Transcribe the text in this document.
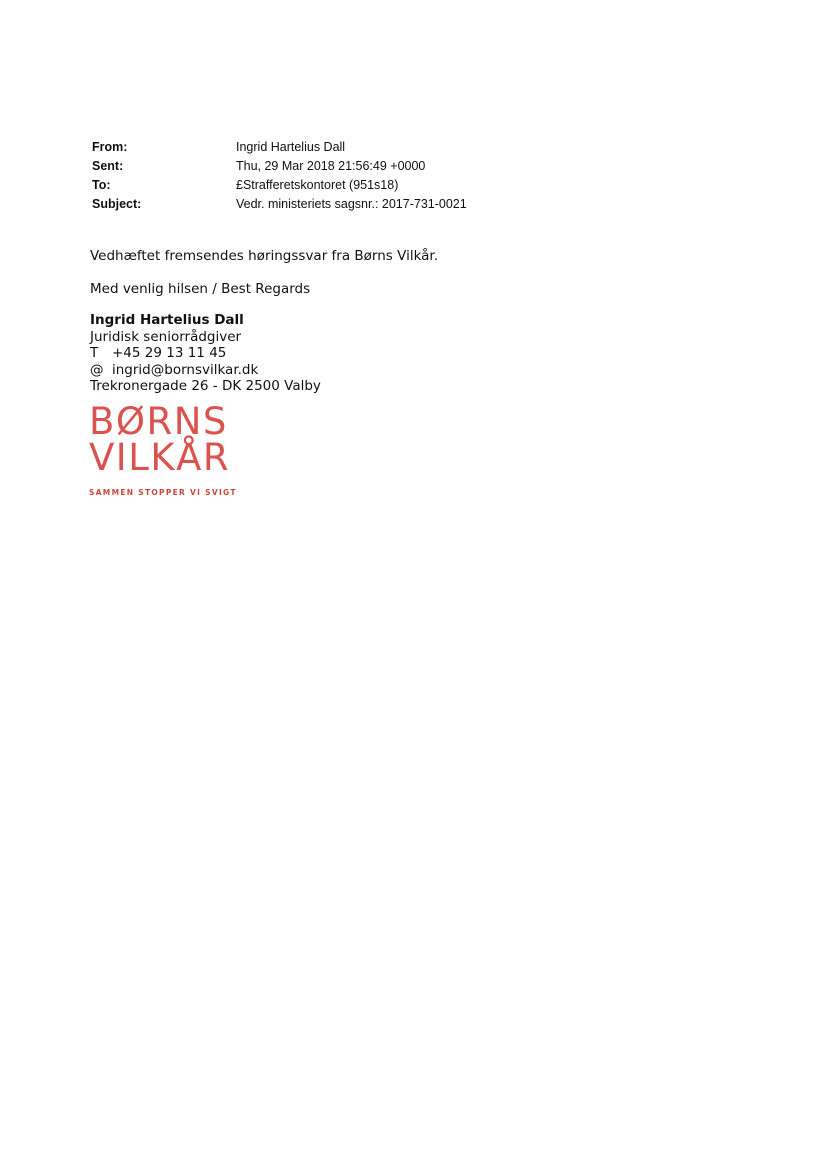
From:	Ingrid Hartelius Dall
Sent:	Thu, 29 Mar 2018 21:56:49 +0000
To:	£Strafferetskontoret (951s18)
Subject:	Vedr. ministeriets sagsnr.: 2017-731-0021
Vedhæftet fremsendes høringssvar fra Børns Vilkår.
Med venlig hilsen / Best Regards
Ingrid Hartelius Dall
Juridisk seniorrådgiver
T +45 29 13 11 45
@ ingrid@bornsvilkar.dk
Trekronergade 26 - DK 2500 Valby
BØRNS
VILKÅR
SAMMEN STOPPER VI SVIGT
